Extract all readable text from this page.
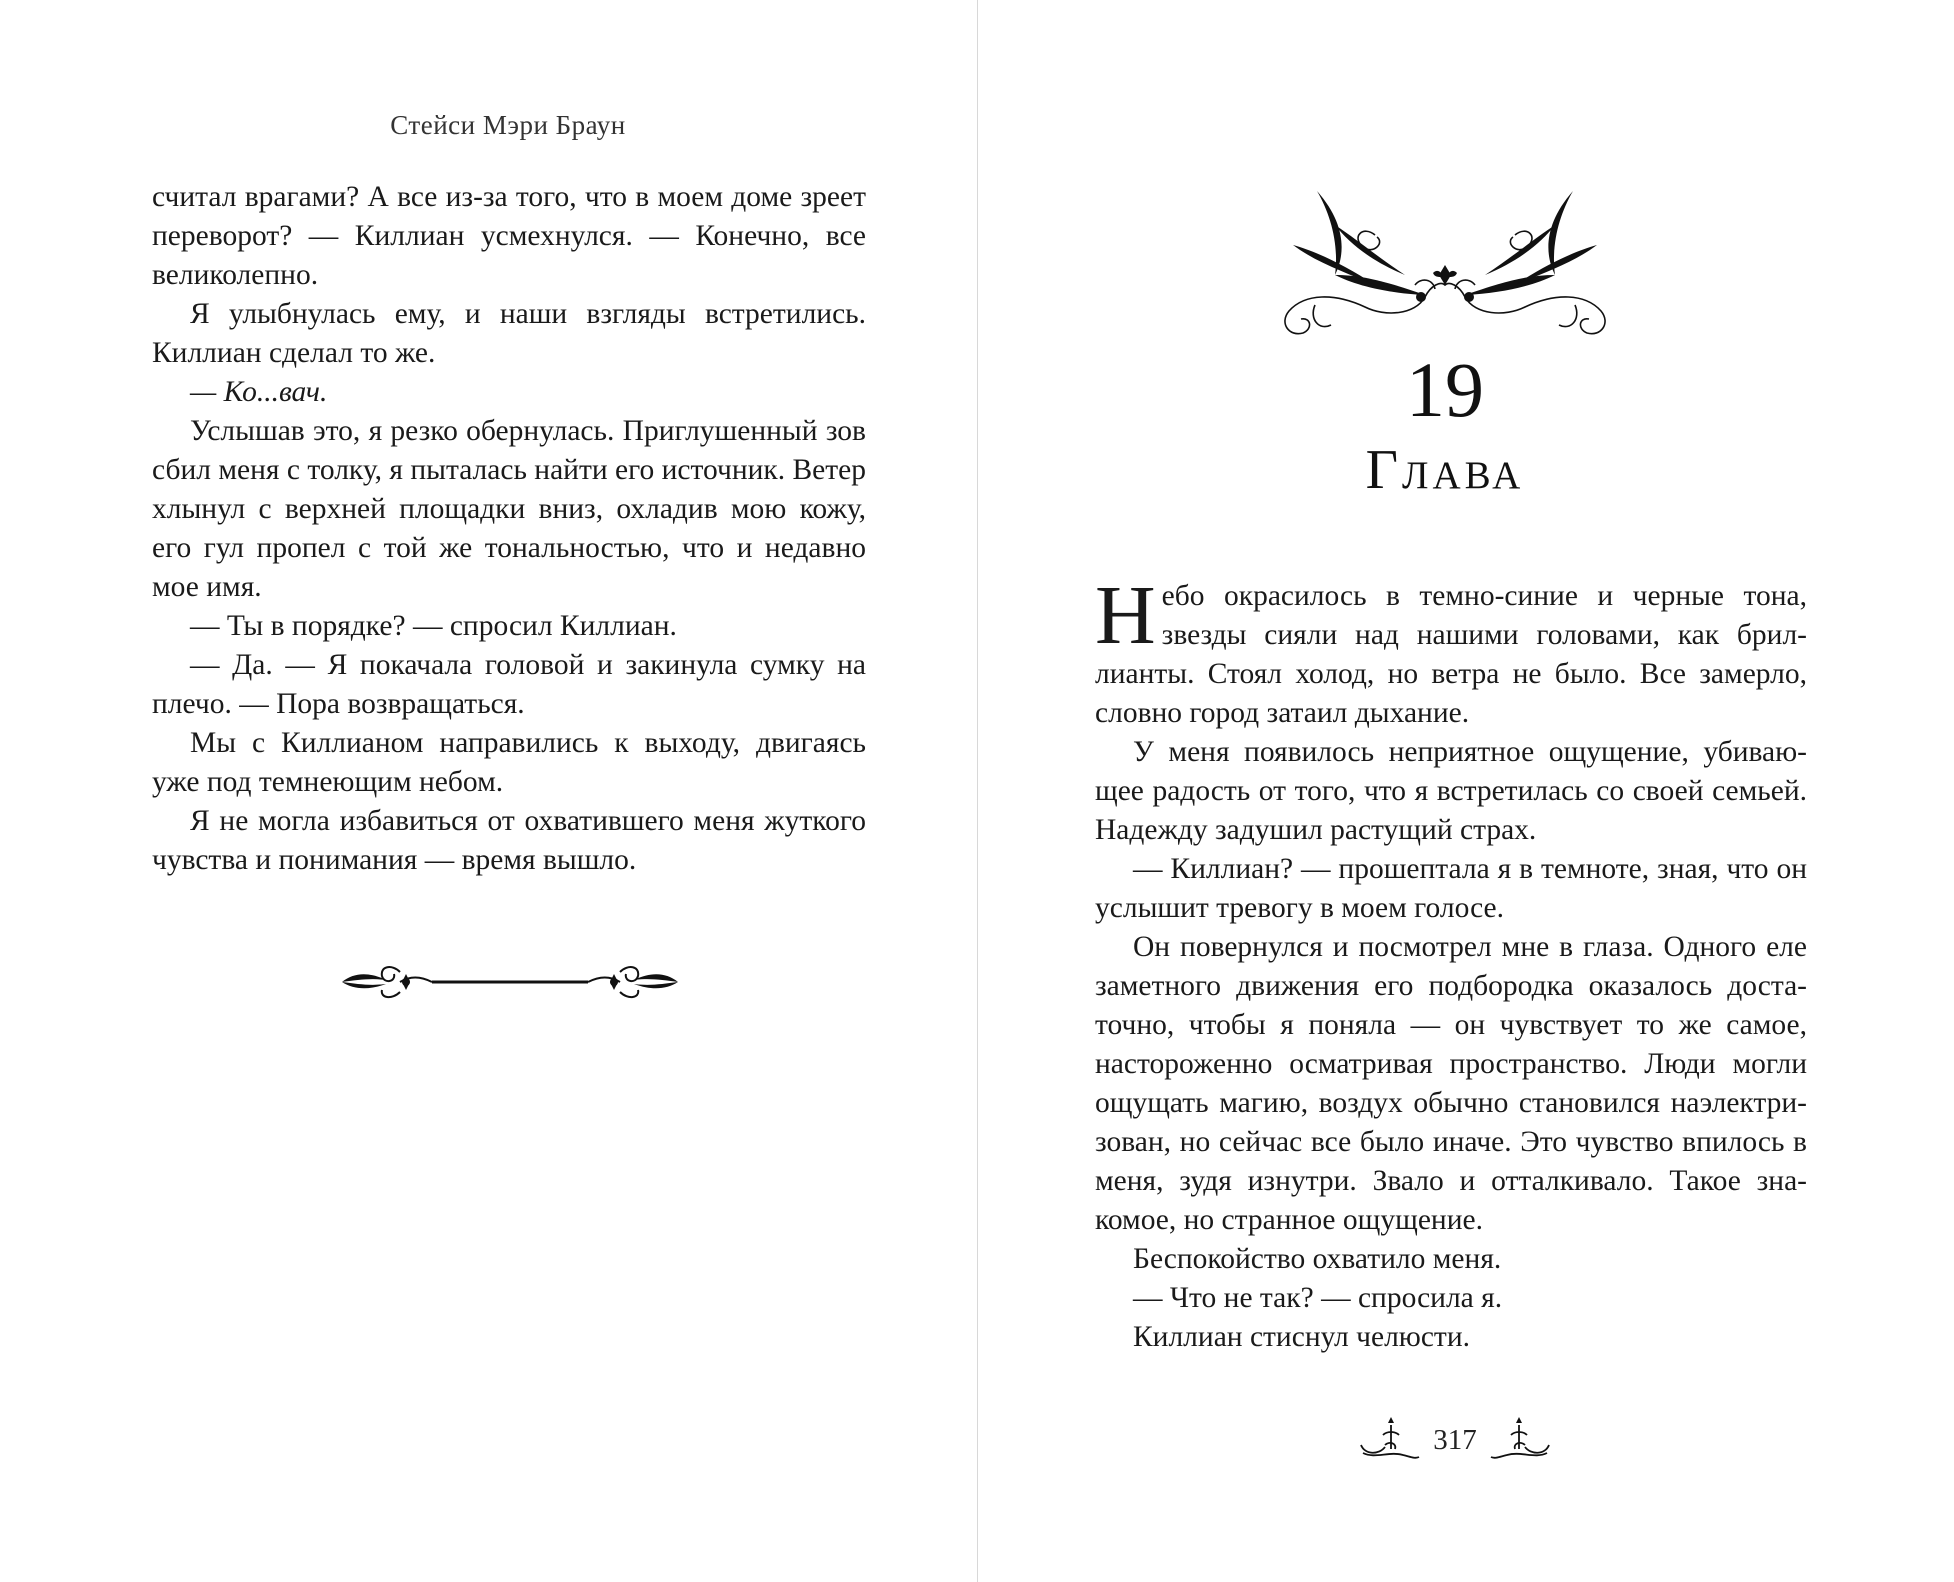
Стейси Мэри Браун

считал врагами? А все из-за того, что в моем доме зреет переворот? — Киллиан усмехнулся. — Конечно, все великолепно.

Я улыбнулась ему, и наши взгляды встретились. Киллиан сделал то же.

— Ко...вач.

Услышав это, я резко обернулась. Приглушенный зов сбил меня с толку, я пыталась найти его источник. Ветер хлынул с верхней площадки вниз, охладив мою кожу, его гул пропел с той же тональностью, что и недавно мое имя.

— Ты в порядке? — спросил Киллиан.

— Да. — Я покачала головой и закинула сумку на плечо. — Пора возвращаться.

Мы с Киллианом направились к выходу, двигаясь уже под темнеющим небом.

Я не могла избавиться от охватившего меня жуткого чувства и понимания — время вышло.

19
Глава

Небо окрасилось в темно-синие и черные тона, звезды сияли над нашими головами, как бриллианты. Стоял холод, но ветра не было. Все замерло, словно город затаил дыхание.

У меня появилось неприятное ощущение, убивающее радость от того, что я встретилась со своей семьей. Надежду задушил растущий страх.

— Киллиан? — прошептала я в темноте, зная, что он услышит тревогу в моем голосе.

Он повернулся и посмотрел мне в глаза. Одного еле заметного движения его подбородка оказалось достаточно, чтобы я поняла — он чувствует то же самое, настороженно осматривая пространство. Люди могли ощущать магию, воздух обычно становился наэлектризован, но сейчас все было иначе. Это чувство впилось в меня, зудя изнутри. Звало и отталкивало. Такое знакомое, но странное ощущение.

Беспокойство охватило меня.

— Что не так? — спросила я.

Киллиан стиснул челюсти.

317
